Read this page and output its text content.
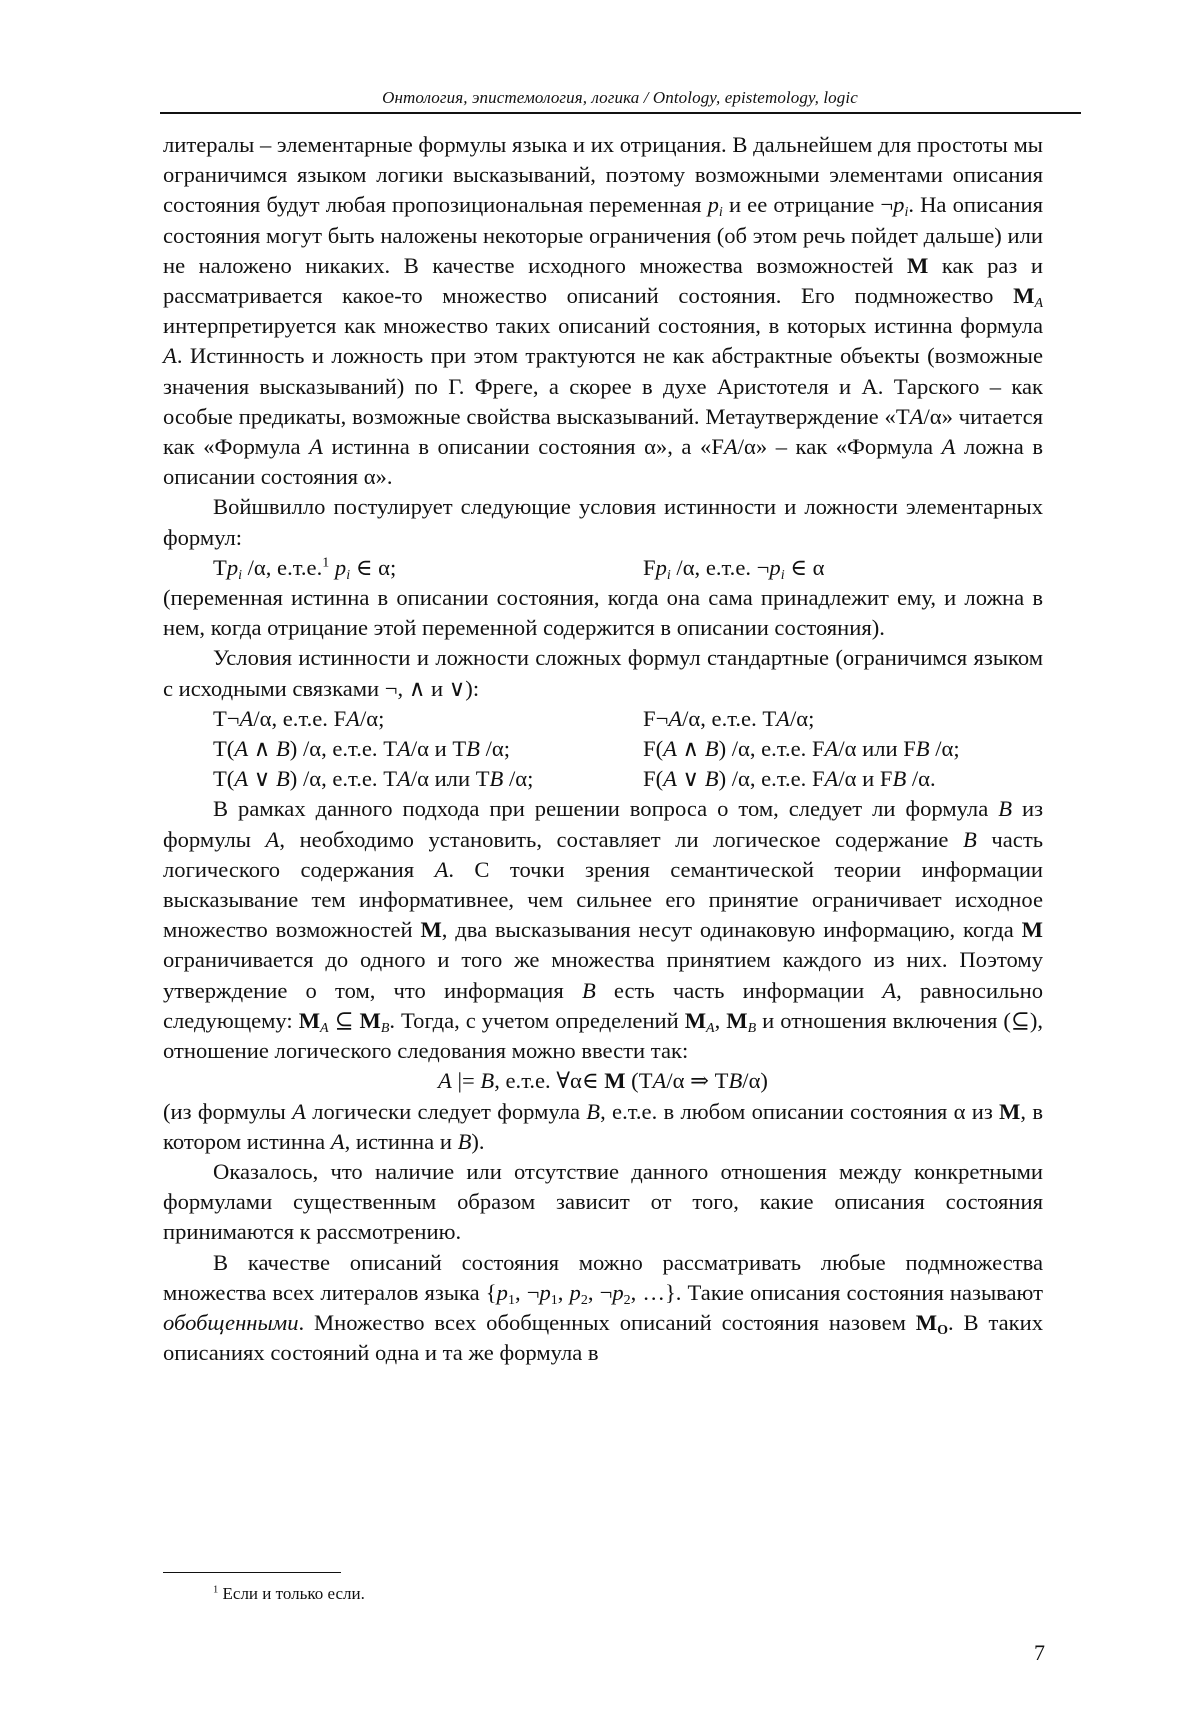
Онтология, эпистемология, логика / Ontology, epistemology, logic

литералы – элементарные формулы языка и их отрицания. В дальнейшем для простоты мы ограничимся языком логики высказываний, поэтому возможными элементами описания состояния будут любая пропозициональная переменная $p_i$ и ее отрицание $\neg p_i$. На описания состояния могут быть наложены некоторые ограничения (об этом речь пойдет дальше) или не наложено никаких. В качестве исходного множества возможностей M как раз и рассматривается какое-то множество описаний состояния. Его подмножество $M_A$ интерпретируется как множество таких описаний состояния, в которых истинна формула A. Истинность и ложность при этом трактуются не как абстрактные объекты (возможные значения высказываний) по Г. Фреге, а скорее в духе Аристотеля и А. Тарского – как особые предикаты, возможные свойства высказываний. Метаутверждение «ТA/α» читается как «Формула A истинна в описании состояния α», а «FA/α» – как «Формула A ложна в описании состояния α».

Войшвилло постулирует следующие условия истинности и ложности элементарных формул:

$Тp_i$ /α, е.т.е.$^1$ $p_i$ ∈ α;	$Fp_i$ /α, е.т.е. $\neg p_i$ ∈ α

(переменная истинна в описании состояния, когда она сама принадлежит ему, и ложна в нем, когда отрицание этой переменной содержится в описании состояния).

Условия истинности и ложности сложных формул стандартные (ограничимся языком с исходными связками ¬, ∧ и ∨):

Т¬A/α, е.т.е. FA/α;	F¬A/α, е.т.е. ТA/α;
Т(A ∧ B) /α, е.т.е. ТA/α и ТB /α;	F(A ∧ B) /α, е.т.е. FA/α или FB /α;
Т(A ∨ B) /α, е.т.е. ТA/α или ТB /α;	F(A ∨ B) /α, е.т.е. FA/α и FB /α.

В рамках данного подхода при решении вопроса о том, следует ли формула B из формулы A, необходимо установить, составляет ли логическое содержание B часть логического содержания A. С точки зрения семантической теории информации высказывание тем информативнее, чем сильнее его принятие ограничивает исходное множество возможностей M, два высказывания несут одинаковую информацию, когда M ограничивается до одного и того же множества принятием каждого из них. Поэтому утверждение о том, что информация B есть часть информации A, равносильно следующему: $M_A$ ⊆ $M_B$. Тогда, с учетом определений $M_A$, $M_B$ и отношения включения (⊆), отношение логического следования можно ввести так:

A |= B, е.т.е. ∀α∈ M (ТA/α ⇒ ТB/α)

(из формулы A логически следует формула B, е.т.е. в любом описании состояния α из M, в котором истинна A, истинна и B).

Оказалось, что наличие или отсутствие данного отношения между конкретными формулами существенным образом зависит от того, какие описания состояния принимаются к рассмотрению.

В качестве описаний состояния можно рассматривать любые подмножества множества всех литералов языка {$p_1$, $\neg p_1$, $p_2$, $\neg p_2$, …}. Такие описания состояния называют обобщенными. Множество всех обобщенных описаний состояния назовем $M_O$. В таких описаниях состояний одна и та же формула в

$^1$ Если и только если.
7
